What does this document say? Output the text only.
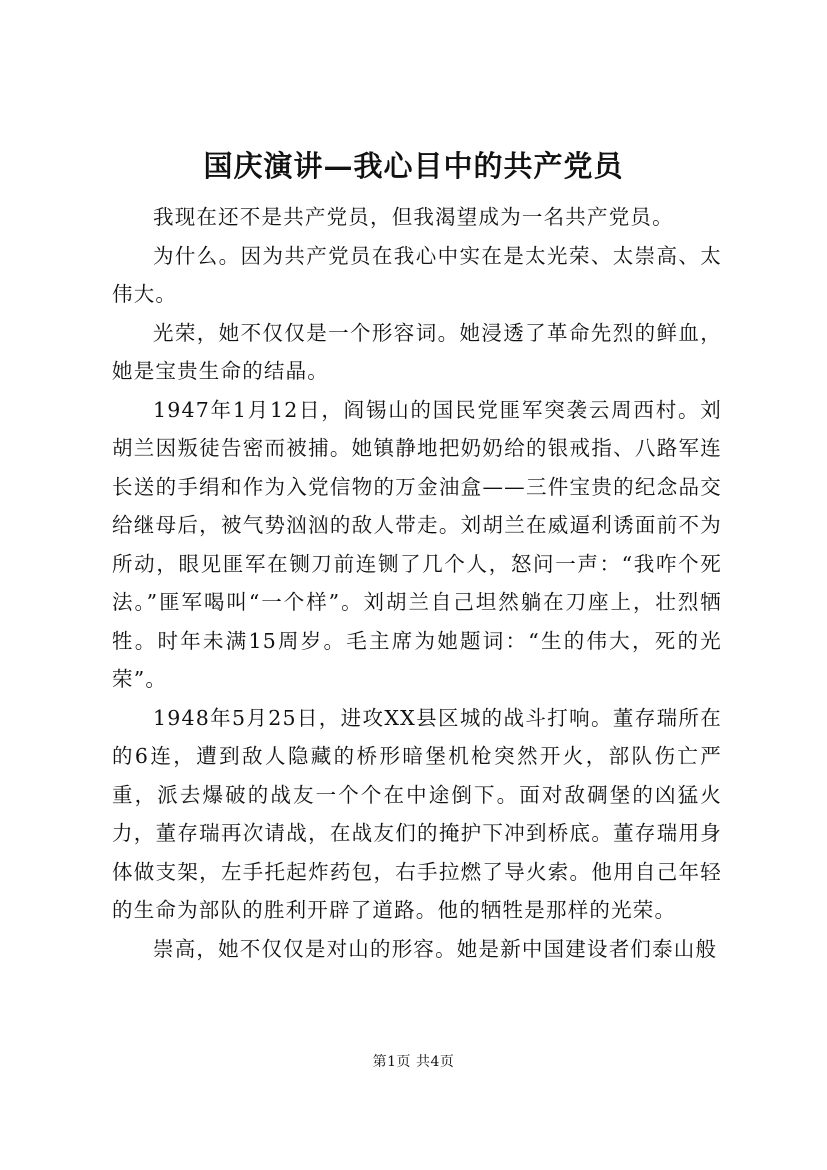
国庆演讲—我心目中的共产党员

我现在还不是共产党员，但我渴望成为一名共产党员。

为什么。因为共产党员在我心中实在是太光荣、太崇高、太伟大。

光荣，她不仅仅是一个形容词。她浸透了革命先烈的鲜血，她是宝贵生命的结晶。

1947年1月12日，阎锡山的国民党匪军突袭云周西村。刘胡兰因叛徒告密而被捕。她镇静地把奶奶给的银戒指、八路军连长送的手绢和作为入党信物的万金油盒——三件宝贵的纪念品交给继母后，被气势汹汹的敌人带走。刘胡兰在威逼利诱面前不为所动，眼见匪军在铡刀前连铡了几个人，怒问一声：“我咋个死法。”匪军喝叫“一个样”。刘胡兰自己坦然躺在刀座上，壮烈牺牲。时年未满15周岁。毛主席为她题词：“生的伟大，死的光荣”。

1948年5月25日，进攻XX县区城的战斗打响。董存瑞所在的6连，遭到敌人隐藏的桥形暗堡机枪突然开火，部队伤亡严重，派去爆破的战友一个个在中途倒下。面对敌碉堡的凶猛火力，董存瑞再次请战，在战友们的掩护下冲到桥底。董存瑞用身体做支架，左手托起炸药包，右手拉燃了导火索。他用自己年轻的生命为部队的胜利开辟了道路。他的牺牲是那样的光荣。

崇高，她不仅仅是对山的形容。她是新中国建设者们泰山般

第1页 共4页
